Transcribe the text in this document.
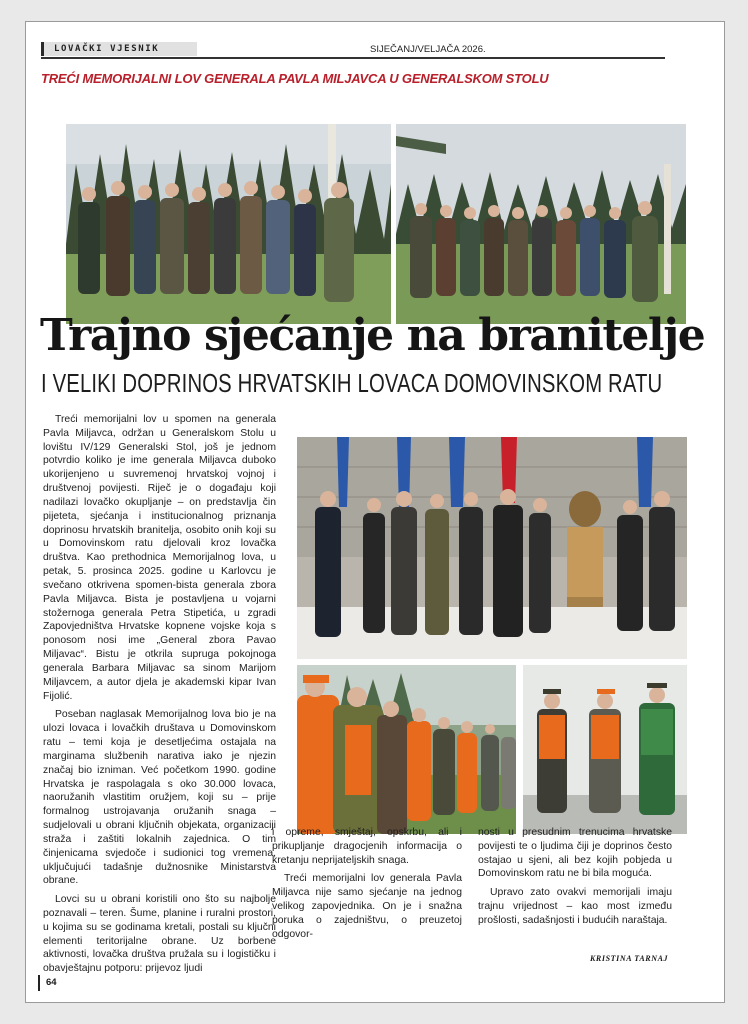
LOVAČKI VJESNIK	SIJEČANJ/VELJAČA 2026.
TREĆI MEMORIJALNI LOV GENERALA PAVLA MILJAVCA U GENERALSKOM STOLU
Trajno sjećanje na branitelje
I VELIKI DOPRINOS HRVATSKIH LOVACA DOMOVINSKOM RATU

Treći memorijalni lov u spomen na generala Pavla Miljavca, održan u Generalskom Stolu u lovištu IV/129 Generalski Stol, još je jednom potvrdio koliko je ime generala Miljavca duboko ukorijenjeno u suvremenoj hrvatskoj vojnoj i društvenoj povijesti. Riječ je o događaju koji nadilazi lovačko okupljanje – on predstavlja čin pijeteta, sjećanja i institucionalnog priznanja doprinosu hrvatskih branitelja, osobito onih koji su u Domovinskom ratu djelovali kroz lovačka društva. Kao prethodnica Memorijalnog lova, u petak, 5. prosinca 2025. godine u Karlovcu je svečano otkrivena spomen-bista generala zbora Pavla Miljavca. Bista je postavljena u vojarni stožernoga generala Petra Stipetića, u zgradi Zapovjedništva Hrvatske kopnene vojske koja s ponosom nosi ime „General zbora Pavao Miljavac“. Bistu je otkrila supruga pokojnoga generala Barbara Miljavac sa sinom Marijom Miljavcem, a autor djela je akademski kipar Ivan Fijolić.

Poseban naglasak Memorijalnog lova bio je na ulozi lovaca i lovačkih društava u Domovinskom ratu – temi koja je desetljećima ostajala na marginama službenih narativa iako je njezin značaj bio izniman. Već početkom 1990. godine Hrvatska je raspolagala s oko 30.000 lovaca, naoružanih vlastitim oružjem, koji su – prije formalnog ustrojavanja oružanih snaga – sudjelovali u obrani ključnih objekata, organizaciji straža i zaštiti lokalnih zajednica. O tim činjenicama svjedoče i sudionici tog vremena, uključujući tadašnje dužnosnike Ministarstva obrane.

Lovci su u obrani koristili ono što su najbolje poznavali – teren. Šume, planine i ruralni prostori, u kojima su se godinama kretali, postali su ključni elementi teritorijalne obrane. Uz borbene aktivnosti, lovačka društva pružala su i logističku i obavještajnu potporu: prijevoz ljudi

i opreme, smještaj, opskrbu, ali i prikupljanje dragocjenih informacija o kretanju neprijateljskih snaga.

Treći memorijalni lov generala Pavla Miljavca nije samo sjećanje na jednog velikog zapovjednika. On je i snažna poruka o zajedništvu, o preuzetoj odgovor-

nosti u presudnim trenucima hrvatske povijesti te o ljudima čiji je doprinos često ostajao u sjeni, ali bez kojih pobjeda u Domovinskom ratu ne bi bila moguća.

Upravo zato ovakvi memorijali imaju trajnu vrijednost – kao most između prošlosti, sadašnjosti i budućih naraštaja.

KRISTINA TARNAJ
64
